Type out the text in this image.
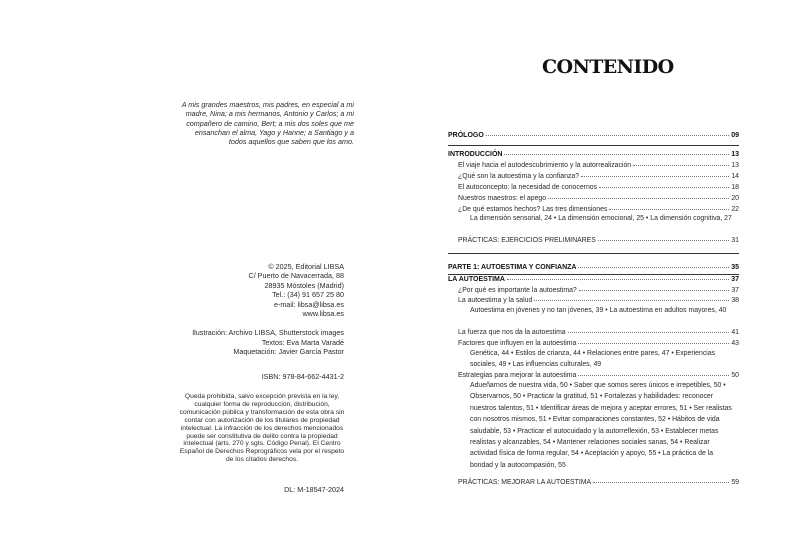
A mis grandes maestros, mis padres, en especial a mi madre, Nina; a mis hermanos, Antonio y Carlos; a mi compañero de camino, Bert; a mis dos soles que me ensanchan el alma, Yago y Hanne; a Santiago y a todos aquellos que saben que los amo.
© 2025, Editorial LIBSA
C/ Puerto de Navacerrada, 88
28935 Móstoles (Madrid)
Tel.: (34) 91 657 25 80
e-mail: libsa@libsa.es
www.libsa.es
Ilustración: Archivo LIBSA, Shutterstock images
Textos: Eva Marta Varadé
Maquetación: Javier García Pastor
ISBN: 978-84-662-4431-2
Queda prohibida, salvo excepción prevista en la ley, cualquier forma de reproducción, distribución, comunicación pública y transformación de esta obra sin contar con autorización de los titulares de propiedad intelectual. La infracción de los derechos mencionados puede ser constitutiva de delito contra la propiedad intelectual (arts. 270 y sgts. Código Penal). El Centro Español de Derechos Reprográficos vela por el respeto de los citados derechos.
DL: M-18547-2024
CONTENIDO
PRÓLOGO	09
INTRODUCCIÓN	13
El viaje hacia el autodescubrimiento y la autorrealización	13
¿Qué son la autoestima y la confianza?	14
El autoconcepto: la necesidad de conocernos	18
Nuestros maestros: el apego	20
¿De qué estamos hechos? Las tres dimensiones	22
La dimensión sensorial, 24 • La dimensión emocional, 25 • La dimensión cognitiva, 27
PRÁCTICAS: EJERCICIOS PRELIMINARES	31
PARTE 1: AUTOESTIMA Y CONFIANZA	35
LA AUTOESTIMA	37
¿Por qué es importante la autoestima?	37
La autoestima y la salud	38
Autoestima en jóvenes y no tan jóvenes, 39 • La autoestima en adultos mayores, 40
La fuerza que nos da la autoestima	41
Factores que influyen en la autoestima	43
Genética, 44 • Estilos de crianza, 44 • Relaciones entre pares, 47 • Experiencias sociales, 49 • Las influencias culturales, 49
Estrategias para mejorar la autoestima	50
Adueñarnos de nuestra vida, 50 • Saber que somos seres únicos e irrepetibles, 50 • Observarnos, 50 • Practicar la gratitud, 51 • Fortalezas y habilidades: reconocer nuestros talentos, 51 • Identificar áreas de mejora y aceptar errores, 51 • Ser realistas con nosotros mismos, 51 • Evitar comparaciones constantes, 52 • Hábitos de vida saludable, 53 • Practicar el autocuidado y la autorreflexión, 53 • Establecer metas realistas y alcanzables, 54 • Mantener relaciones sociales sanas, 54 • Realizar actividad física de forma regular, 54 • Aceptación y apoyo, 55 • La práctica de la bondad y la autocompasión, 55
PRÁCTICAS: MEJORAR LA AUTOESTIMA	59
